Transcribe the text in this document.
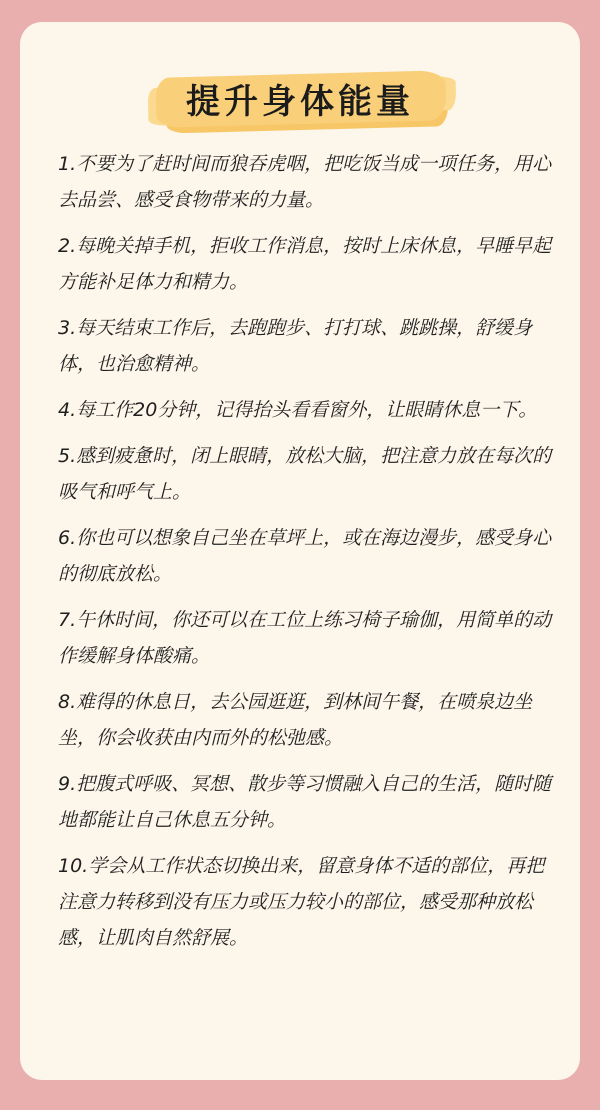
提升身体能量
1.不要为了赶时间而狼吞虎咽，把吃饭当成一项任务，用心去品尝、感受食物带来的力量。
2.每晚关掉手机，拒收工作消息，按时上床休息，早睡早起方能补足体力和精力。
3.每天结束工作后，去跑跑步、打打球、跳跳操，舒缓身体，也治愈精神。
4.每工作20分钟，记得抬头看看窗外，让眼睛休息一下。
5.感到疲惫时，闭上眼睛，放松大脑，把注意力放在每次的吸气和呼气上。
6.你也可以想象自己坐在草坪上，或在海边漫步，感受身心的彻底放松。
7.午休时间，你还可以在工位上练习椅子瑜伽，用简单的动作缓解身体酸痛。
8.难得的休息日，去公园逛逛，到林间午餐，在喷泉边坐坐，你会收获由内而外的松弛感。
9.把腹式呼吸、冥想、散步等习惯融入自己的生活，随时随地都能让自己休息五分钟。
10.学会从工作状态切换出来，留意身体不适的部位，再把注意力转移到没有压力或压力较小的部位，感受那种放松感，让肌肉自然舒展。
